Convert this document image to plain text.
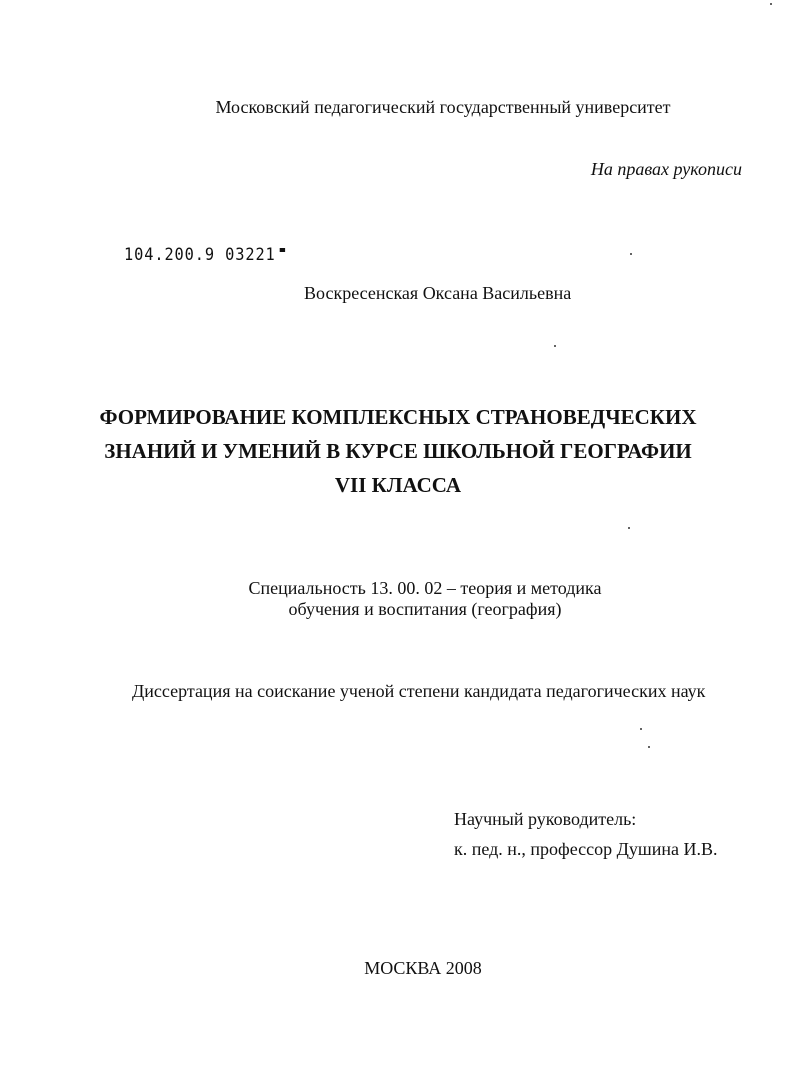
Московский педагогический государственный университет
На правах рукописи
104.200.9 03221
Воскресенская Оксана Васильевна
ФОРМИРОВАНИЕ КОМПЛЕКСНЫХ СТРАНОВЕДЧЕСКИХ
ЗНАНИЙ И УМЕНИЙ В КУРСЕ ШКОЛЬНОЙ ГЕОГРАФИИ
VII КЛАССА
Специальность 13. 00. 02 – теория и методика
обучения и воспитания (география)
Диссертация на соискание ученой степени кандидата педагогических наук
Научный руководитель:
к. пед. н., профессор Душина И.В.
МОСКВА 2008
